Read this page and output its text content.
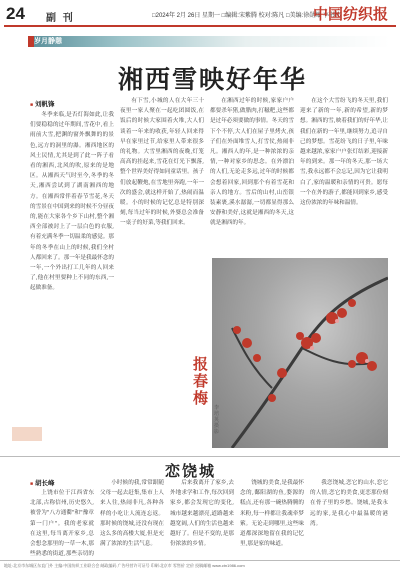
24 副 刊	□2024年 2月 26日 星期一 □编辑:宋紫腾 校对:陈凡 □美编:徐勋耀 李书伟
中国纺织报
岁月静憩
湘西雪映好年华
■ 刘帆锋

冬季来临,是否灯海如此,让我们要稳稳的过年期间,雪花中,看上雨前大雪,把渊的窗外飘舞的的景色,远方的洞里的瀑。湘西地区的风土民情,尤其是到了此一阵子看看的湘西,北风的吹,原来的是地区。从湘西天气时至今,冬季的冬天,湘西尝试到了湖南湘西的地方。在湘西常伴着春节雪花,冬天的雪景在中国到来的时候不分昼夜的,能在大家各个乡下山村,整个湘西全部被封上了一层白色的衣服,有着充满冬季一切温柔的感觉。那年的冬季在山上的时候,我们全村人都回来了。那一年是我最怀念的一年,一个外出打工几年的人回来了,他在村里要种上不同的东西,一起做准备。

有下雪,小城的人在大年三十夜里一家人聚在一起吃团圆饭,在饭后的时候大家围着火堆,大人们谈着一年来的收获,年轻人回来得早在家里过节,给家里人带来很多的礼物。大雪里湘西的夜晚,灯笼高高的挂起来,雪花在灯光下飘落,整个世界美好得如同童话里。孩子们放起鞭炮,在雪地里奔跑,一年一次的盛会,就这样开始了,热闹而温暖。小的时候的记忆总是特别深刻,每当过年的时候,外婆总会准备一桌子的好菜,等我们回来。

在湘西过年的时候,家家户户都要杀年猪,做腊肉,打糍粑,这些都是过年必须要做的事情。冬天的雪下个不停,大人们在屋子里烤火,孩子们在外面堆雪人,打雪仗,热闹非凡。湘西人的年,是一种浓浓的亲情,一种对家乡的思念。在外漂泊的人们,无论走多远,过年的时候都会想着回家,回到那个有着雪花和亲人的地方。雪后的山村,山峦银装素裹,溪水潺潺,一切都显得那么安静和美好,这就是湘西的冬天,这就是湘西的年。

在这个大雪纷飞的冬天里,我们迎来了新的一年,新的希望,新的梦想。湘西的雪,映着我们的好年华,让我们在新的一年里,继续努力,追寻自己的梦想。雪花纷飞的日子里,年味越来越浓,家家户户张灯结彩,迎接新年的到来。那一年的冬天,那一场大雪,我永远都不会忘记,因为它让我明白了,家的温暖和亲情的可贵。愿每一个在外的游子,都能回到家乡,感受这份浓浓的年味和温情。

报春梅
李培英 摄影
恋饶城
■ 胡长峰

上饶市位于江西省东北部,古称信州,历史悠久,被誉为"八方通衢"和"豫章第一门户"。我的老家就在这里,每当离开家乡,总会想念那里的一草一木,那些熟悉的街道,那些亲切的

小时候的我,常常跟随父母一起去赶集,集市上人来人往,热闹非凡,各种各样的小吃让人流连忘返。那时候的饶城,还没有现在这么多的高楼大厦,但是充满了浓浓的生活气息。

后来我离开了家乡,去外地求学和工作,每次回到家乡,都会发现它的变化,城市越来越漂亮,道路越来越宽阔,人们的生活也越来越好了。但是不变的,是那份浓浓的乡情。

饶城的美食,是我最怀念的,鄱阳湖的鱼,婺源的糕点,还有那一碗热腾腾的米粉,每一样都让我魂牵梦萦。无论走到哪里,这些味道都深深地留在我的记忆里,那是家的味道。

我恋饶城,恋它的山水,恋它的人情,恋它的美食,更恋那份刻在骨子里的乡愁。饶城,是我永远的家,是我心中最温暖的港湾。

地址:北京市东城区东直门外 主编:中国纺织工业联合会 邮政编码 广告经营许可证号 印刷:北京市 零售价 定价 投稿邮箱 www.ctn1986.com
